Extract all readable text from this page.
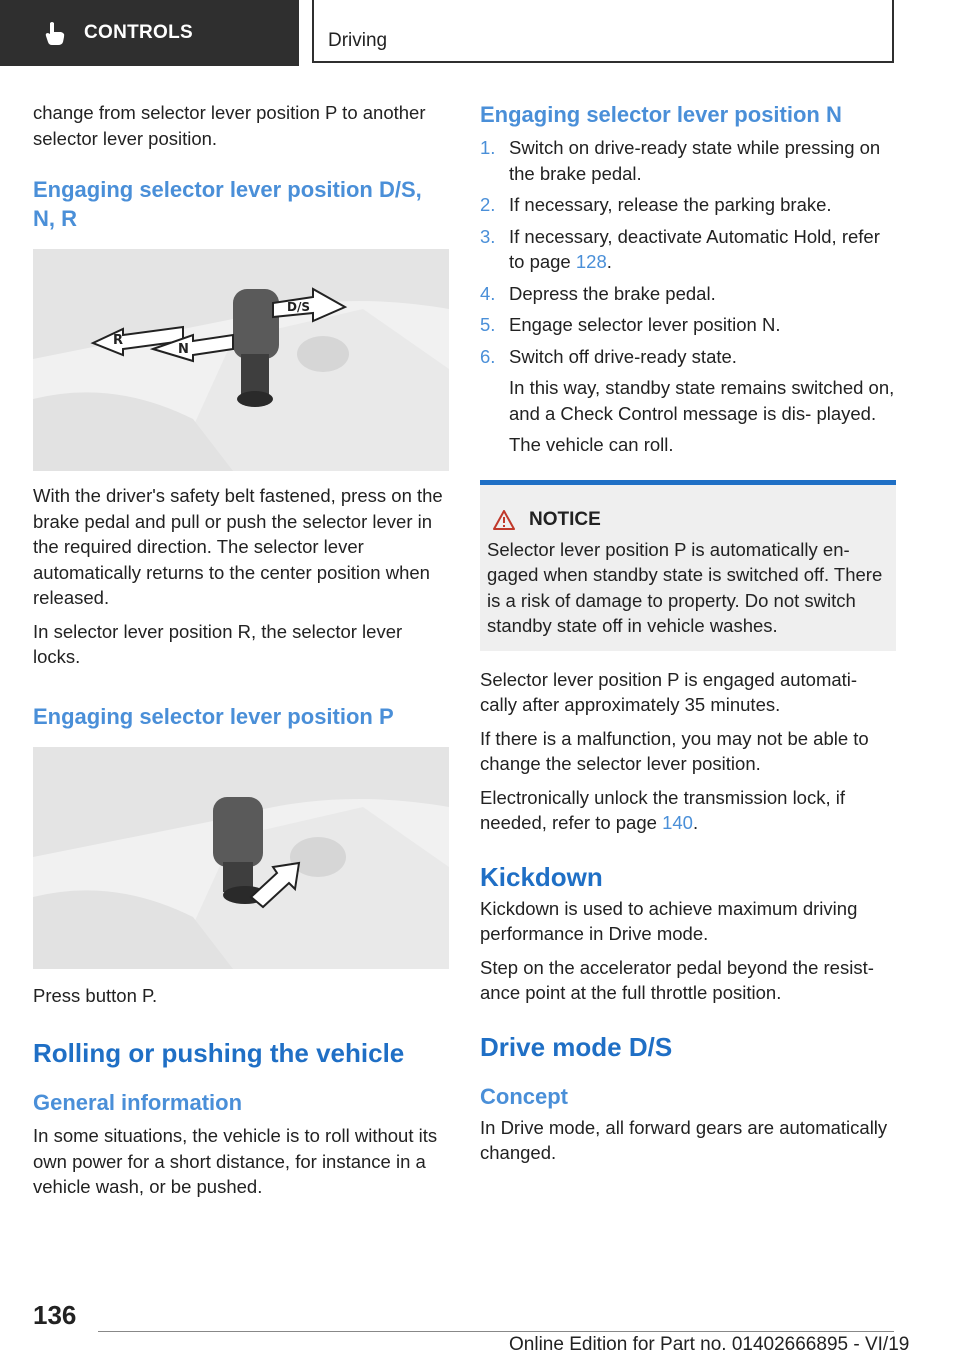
CONTROLS	Driving

change from selector lever position P to another selector lever position.

Engaging selector lever position D/S, N, R
R
N
D/S

With the driver's safety belt fastened, press on the brake pedal and pull or push the selector lever in the required direction. The selector lever automatically returns to the center position when released.

In selector lever position R, the selector lever locks.

Engaging selector lever position P

Press button P.

Rolling or pushing the vehicle
General information

In some situations, the vehicle is to roll without its own power for a short distance, for instance in a vehicle wash, or be pushed.

Engaging selector lever position N
1. Switch on drive-ready state while pressing on the brake pedal.
2. If necessary, release the parking brake.
3. If necessary, deactivate Automatic Hold, refer to page 128.
4. Depress the brake pedal.
5. Engage selector lever position N.
6. Switch off drive-ready state.
In this way, standby state remains switched on, and a Check Control message is dis‐ played.
The vehicle can roll.
NOTICE

Selector lever position P is automatically en‐ gaged when standby state is switched off. There is a risk of damage to property. Do not switch standby state off in vehicle washes.

Selector lever position P is engaged automati‐ cally after approximately 35 minutes.

If there is a malfunction, you may not be able to change the selector lever position.

Electronically unlock the transmission lock, if needed, refer to page 140.

Kickdown

Kickdown is used to achieve maximum driving performance in Drive mode.

Step on the accelerator pedal beyond the resist‐ ance point at the full throttle position.

Drive mode D/S
Concept

In Drive mode, all forward gears are automatically changed.

136
Online Edition for Part no. 01402666895 - VI/19
